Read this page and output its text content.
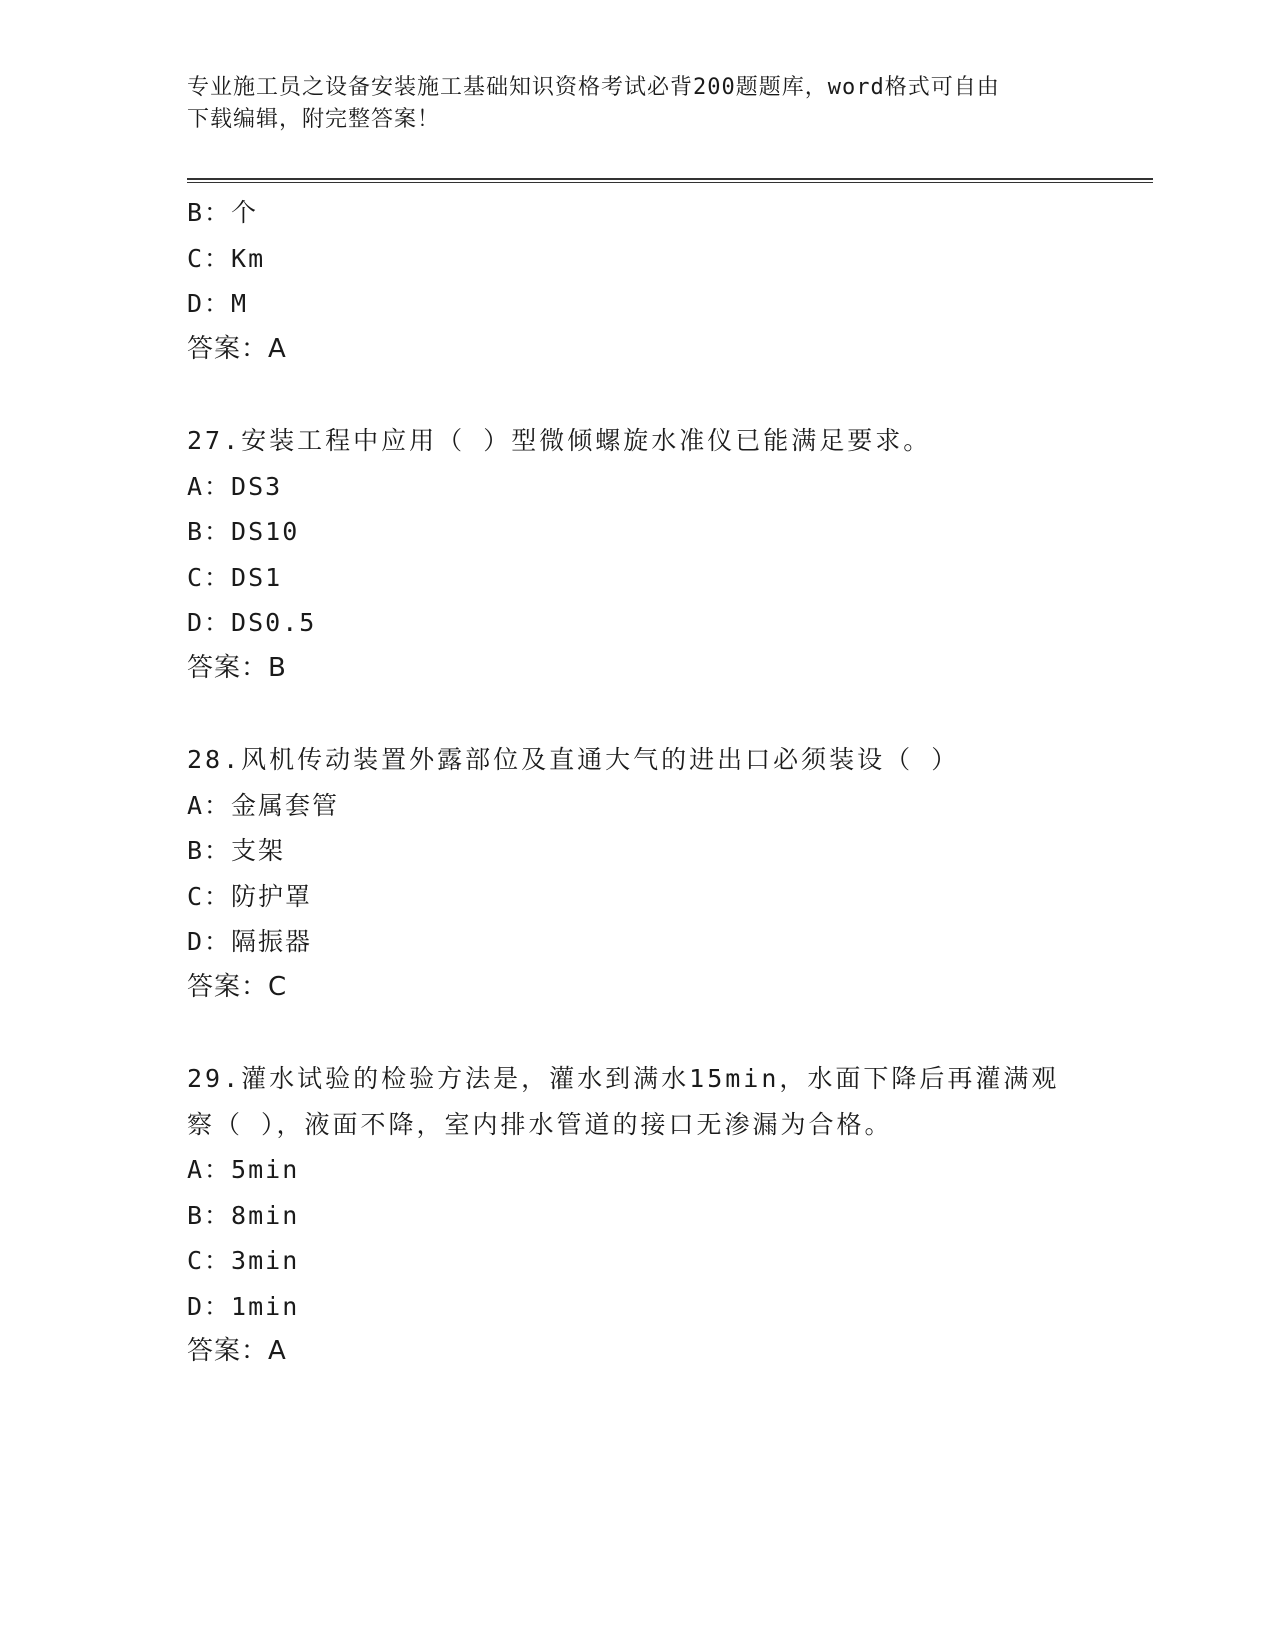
专业施工员之设备安装施工基础知识资格考试必背200题题库，word格式可自由
下载编辑，附完整答案！
B：个
C：Km
D：M
答案：A
27.安装工程中应用（ ）型微倾螺旋水准仪已能满足要求。
A：DS3
B：DS10
C：DS1
D：DS0.5
答案：B
28.风机传动装置外露部位及直通大气的进出口必须装设（ ）
A：金属套管
B：支架
C：防护罩
D：隔振器
答案：C
29.灌水试验的检验方法是，灌水到满水15min，水面下降后再灌满观
察（ ），液面不降，室内排水管道的接口无渗漏为合格。
A：5min
B：8min
C：3min
D：1min
答案：A
